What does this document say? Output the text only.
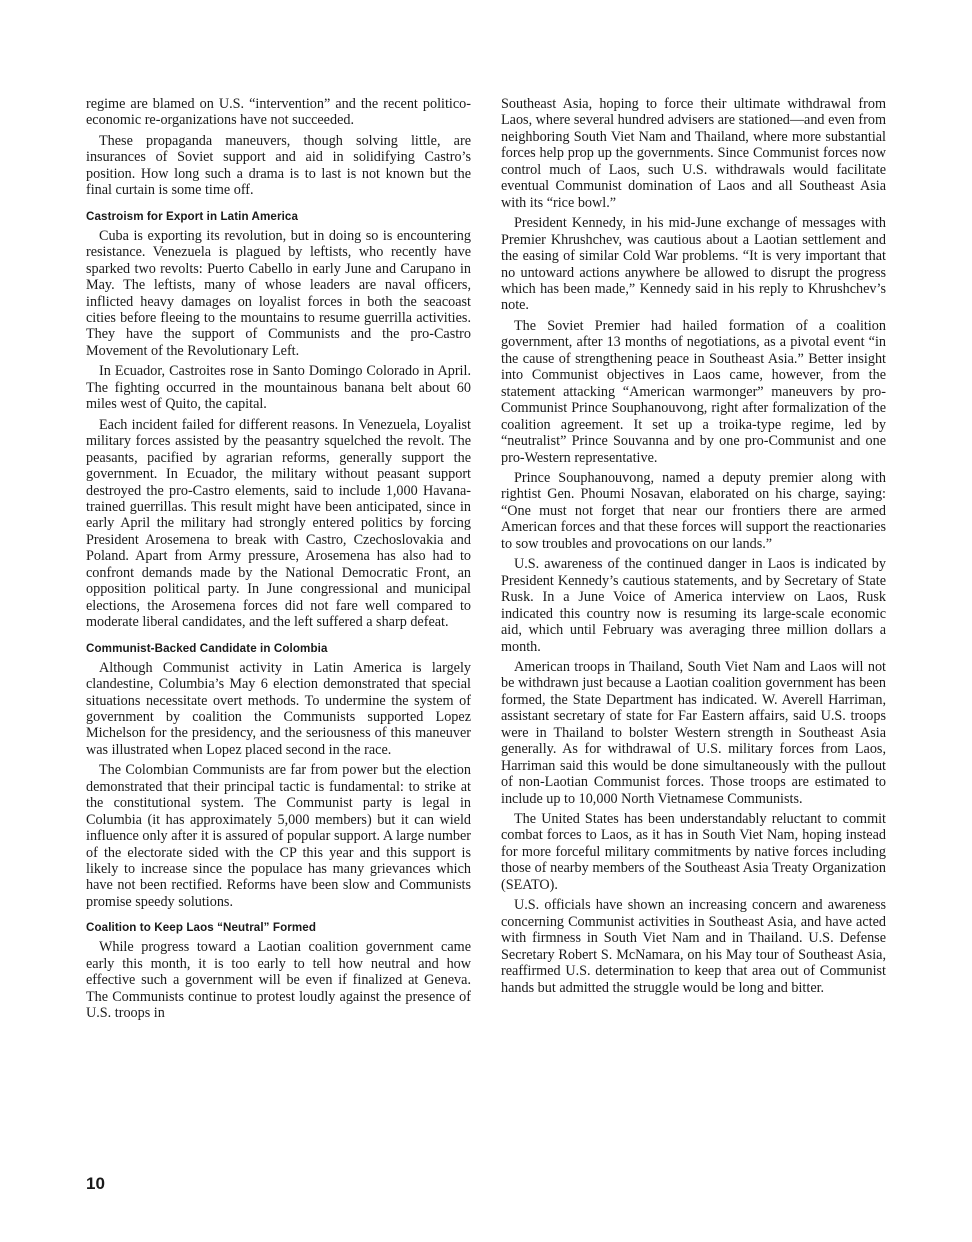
regime are blamed on U.S. “intervention” and the recent politico-economic re-organizations have not succeeded.

These propaganda maneuvers, though solving little, are insurances of Soviet support and aid in solidifying Castro’s position. How long such a drama is to last is not known but the final curtain is some time off.

Castroism for Export in Latin America

Cuba is exporting its revolution, but in doing so is encountering resistance. Venezuela is plagued by leftists, who recently have sparked two revolts: Puerto Cabello in early June and Carupano in May. The leftists, many of whose leaders are naval officers, inflicted heavy damages on loyalist forces in both the seacoast cities before fleeing to the mountains to resume guerrilla activities. They have the support of Communists and the pro-Castro Movement of the Revolutionary Left.

In Ecuador, Castroites rose in Santo Domingo Colorado in April. The fighting occurred in the mountainous banana belt about 60 miles west of Quito, the capital.

Each incident failed for different reasons. In Venezuela, Loyalist military forces assisted by the peasantry squelched the revolt. The peasants, pacified by agrarian reforms, generally support the government. In Ecuador, the military without peasant support destroyed the pro-Castro elements, said to include 1,000 Havana-trained guerrillas. This result might have been anticipated, since in early April the military had strongly entered politics by forcing President Arosemena to break with Castro, Czechoslovakia and Poland. Apart from Army pressure, Arosemena has also had to confront demands made by the National Democratic Front, an opposition political party. In June congressional and municipal elections, the Arosemena forces did not fare well compared to moderate liberal candidates, and the left suffered a sharp defeat.

Communist-Backed Candidate in Colombia

Although Communist activity in Latin America is largely clandestine, Columbia’s May 6 election demonstrated that special situations necessitate overt methods. To undermine the system of government by coalition the Communists supported Lopez Michelson for the presidency, and the seriousness of this maneuver was illustrated when Lopez placed second in the race.

The Colombian Communists are far from power but the election demonstrated that their principal tactic is fundamental: to strike at the constitutional system. The Communist party is legal in Columbia (it has approximately 5,000 members) but it can wield influence only after it is assured of popular support. A large number of the electorate sided with the CP this year and this support is likely to increase since the populace has many grievances which have not been rectified. Reforms have been slow and Communists promise speedy solutions.

Coalition to Keep Laos “Neutral” Formed

While progress toward a Laotian coalition government came early this month, it is too early to tell how neutral and how effective such a government will be even if finalized at Geneva. The Communists continue to protest loudly against the presence of U.S. troops in

Southeast Asia, hoping to force their ultimate withdrawal from Laos, where several hundred advisers are stationed—and even from neighboring South Viet Nam and Thailand, where more substantial forces help prop up the governments. Since Communist forces now control much of Laos, such U.S. withdrawals would facilitate eventual Communist domination of Laos and all Southeast Asia with its “rice bowl.”

President Kennedy, in his mid-June exchange of messages with Premier Khrushchev, was cautious about a Laotian settlement and the easing of similar Cold War problems. “It is very important that no untoward actions anywhere be allowed to disrupt the progress which has been made,” Kennedy said in his reply to Khrushchev’s note.

The Soviet Premier had hailed formation of a coalition government, after 13 months of negotiations, as a pivotal event “in the cause of strengthening peace in Southeast Asia.” Better insight into Communist objectives in Laos came, however, from the statement attacking “American warmonger” maneuvers by pro-Communist Prince Souphanouvong, right after formalization of the coalition agreement. It set up a troika-type regime, led by “neutralist” Prince Souvanna and by one pro-Communist and one pro-Western representative.

Prince Souphanouvong, named a deputy premier along with rightist Gen. Phoumi Nosavan, elaborated on his charge, saying: “One must not forget that near our frontiers there are armed American forces and that these forces will support the reactionaries to sow troubles and provocations on our lands.”

U.S. awareness of the continued danger in Laos is indicated by President Kennedy’s cautious statements, and by Secretary of State Rusk. In a June Voice of America interview on Laos, Rusk indicated this country now is resuming its large-scale economic aid, which until February was averaging three million dollars a month.

American troops in Thailand, South Viet Nam and Laos will not be withdrawn just because a Laotian coalition government has been formed, the State Department has indicated. W. Averell Harriman, assistant secretary of state for Far Eastern affairs, said U.S. troops were in Thailand to bolster Western strength in Southeast Asia generally. As for withdrawal of U.S. military forces from Laos, Harriman said this would be done simultaneously with the pullout of non-Laotian Communist forces. Those troops are estimated to include up to 10,000 North Vietnamese Communists.

The United States has been understandably reluctant to commit combat forces to Laos, as it has in South Viet Nam, hoping instead for more forceful military commitments by native forces including those of nearby members of the Southeast Asia Treaty Organization (SEATO).

U.S. officials have shown an increasing concern and awareness concerning Communist activities in Southeast Asia, and have acted with firmness in South Viet Nam and in Thailand. U.S. Defense Secretary Robert S. McNamara, on his May tour of Southeast Asia, reaffirmed U.S. determination to keep that area out of Communist hands but admitted the struggle would be long and bitter.

10
